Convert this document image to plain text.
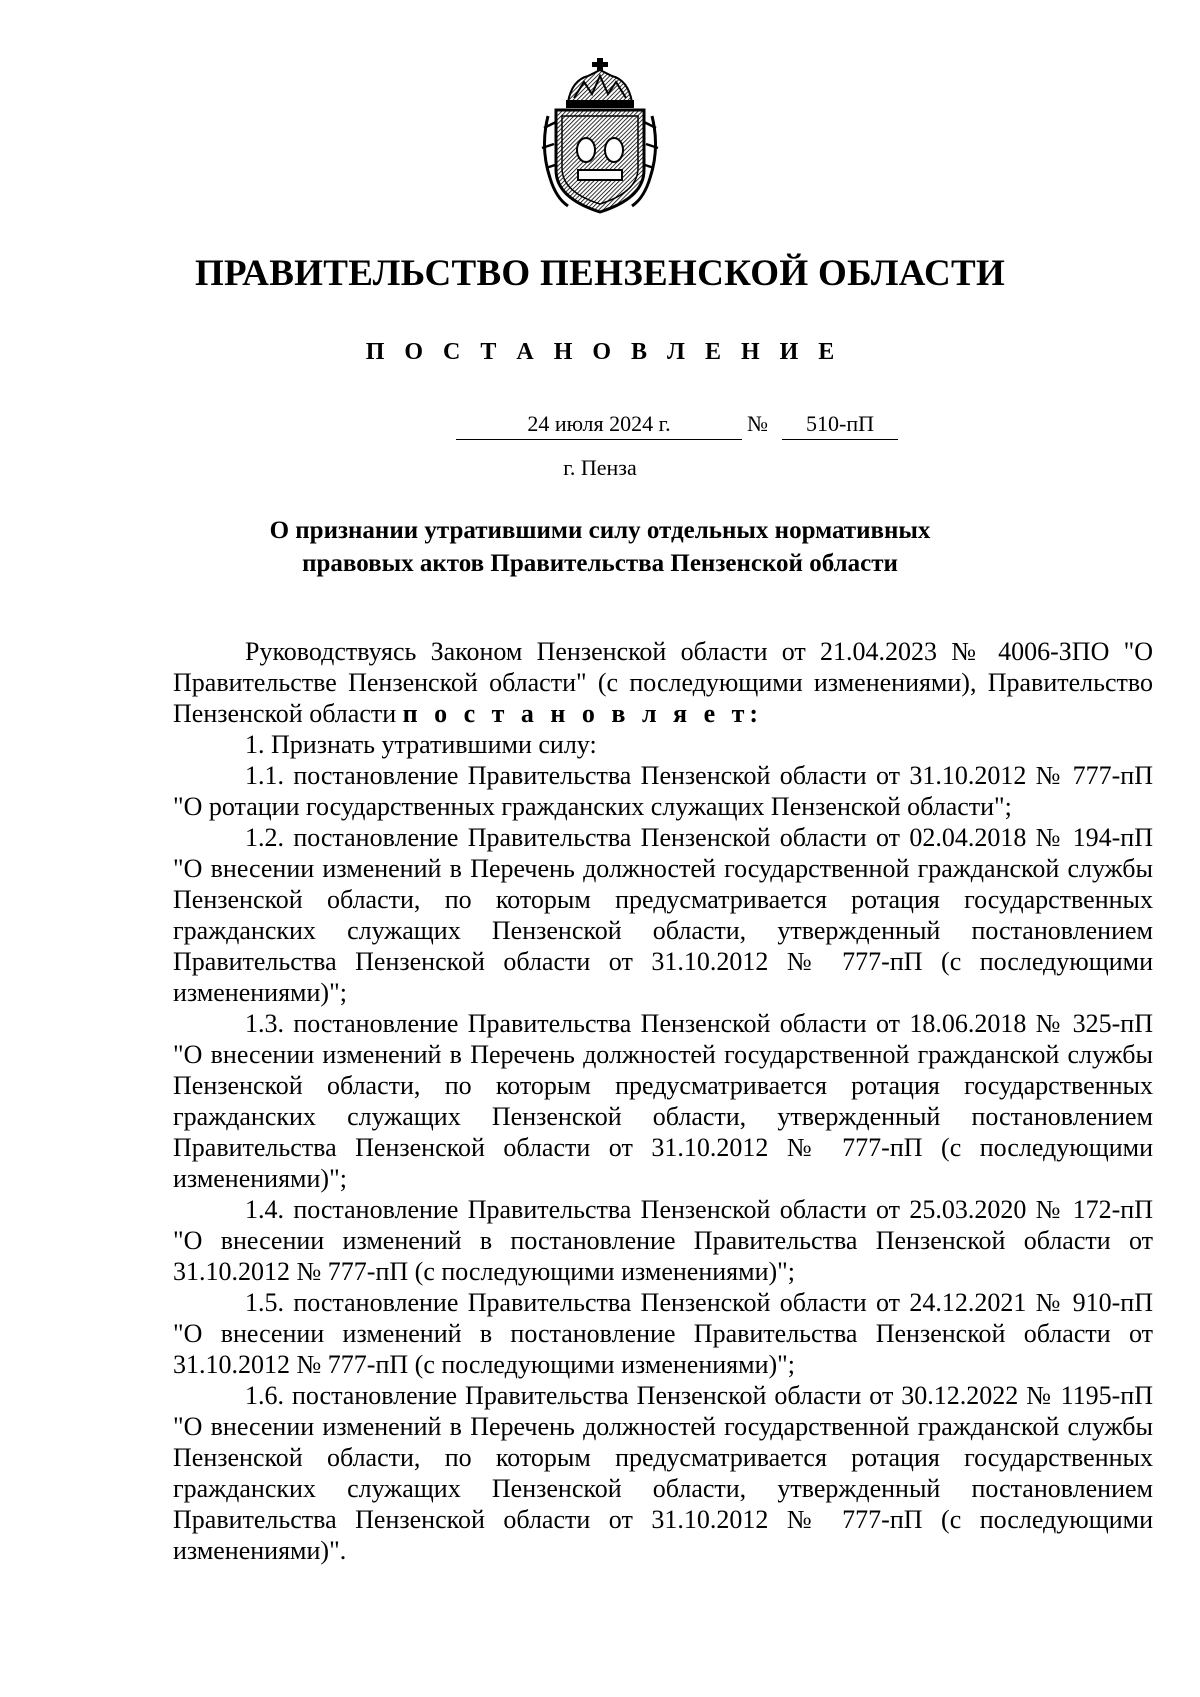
ПРАВИТЕЛЬСТВО ПЕНЗЕНСКОЙ ОБЛАСТИ
П О С Т А Н О В Л Е Н И Е
24 июля 2024 г.	№	510-пП
г. Пенза
О признании утратившими силу отдельных нормативных
правовых актов Правительства Пензенской области

Руководствуясь Законом Пензенской области от 21.04.2023 № 4006-ЗПО "О Правительстве Пензенской области" (с последующими изменениями), Правительство Пензенской области п о с т а н о в л я е т:

1. Признать утратившими силу:

1.1. постановление Правительства Пензенской области от 31.10.2012 № 777-пП "О ротации государственных гражданских служащих Пензенской области";

1.2. постановление Правительства Пензенской области от 02.04.2018 № 194-пП "О внесении изменений в Перечень должностей государственной гражданской службы Пензенской области, по которым предусматривается ротация государственных гражданских служащих Пензенской области, утвержденный постановлением Правительства Пензенской области от 31.10.2012 № 777-пП (с последующими изменениями)";

1.3. постановление Правительства Пензенской области от 18.06.2018 № 325-пП "О внесении изменений в Перечень должностей государственной гражданской службы Пензенской области, по которым предусматривается ротация государственных гражданских служащих Пензенской области, утвержденный постановлением Правительства Пензенской области от 31.10.2012 № 777-пП (с последующими изменениями)";

1.4. постановление Правительства Пензенской области от 25.03.2020 № 172-пП "О внесении изменений в постановление Правительства Пензенской области от 31.10.2012 № 777-пП (с последующими изменениями)";

1.5. постановление Правительства Пензенской области от 24.12.2021 № 910-пП "О внесении изменений в постановление Правительства Пензенской области от 31.10.2012 № 777-пП (с последующими изменениями)";

1.6. постановление Правительства Пензенской области от 30.12.2022 № 1195-пП "О внесении изменений в Перечень должностей государственной гражданской службы Пензенской области, по которым предусматривается ротация государственных гражданских служащих Пензенской области, утвержденный постановлением Правительства Пензенской области от 31.10.2012 № 777-пП (с последующими изменениями)".
